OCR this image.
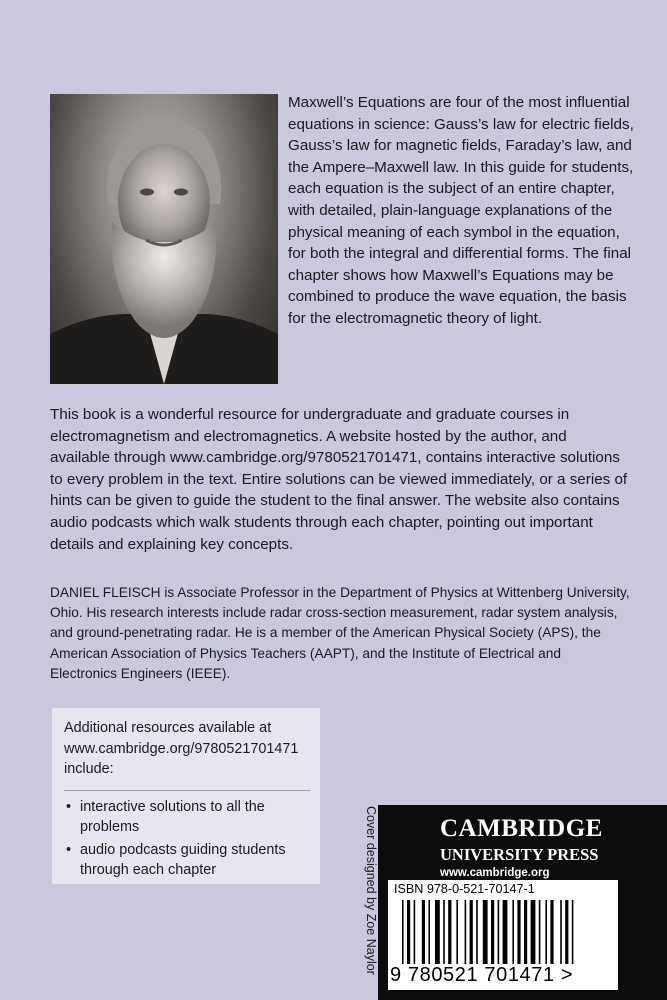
Maxwell’s Equations are four of the most influential equations in science: Gauss’s law for electric fields, Gauss’s law for magnetic fields, Faraday’s law, and the Ampere–Maxwell law. In this guide for students, each equation is the subject of an entire chapter, with detailed, plain-language explanations of the physical meaning of each symbol in the equation, for both the integral and differential forms. The final chapter shows how Maxwell’s Equations may be combined to produce the wave equation, the basis for the electromagnetic theory of light.

This book is a wonderful resource for undergraduate and graduate courses in electromagnetism and electromagnetics. A website hosted by the author, and available through www.cambridge.org/9780521701471, contains interactive solutions to every problem in the text. Entire solutions can be viewed immediately, or a series of hints can be given to guide the student to the final answer. The website also contains audio podcasts which walk students through each chapter, pointing out important details and explaining key concepts.

DANIEL FLEISCH is Associate Professor in the Department of Physics at Wittenberg University, Ohio. His research interests include radar cross-section measurement, radar system analysis, and ground-penetrating radar. He is a member of the American Physical Society (APS), the American Association of Physics Teachers (AAPT), and the Institute of Electrical and Electronics Engineers (IEEE).

Additional resources available at www.cambridge.org/9780521701471 include:

• interactive solutions to all the problems
• audio podcasts guiding students through each chapter	Cover designed by Zoe Naylor CAMBRIDGE
UNIVERSITY PRESS
www.cambridge.org
ISBN 978-0-521-70147-1
9 780521 701471 >
